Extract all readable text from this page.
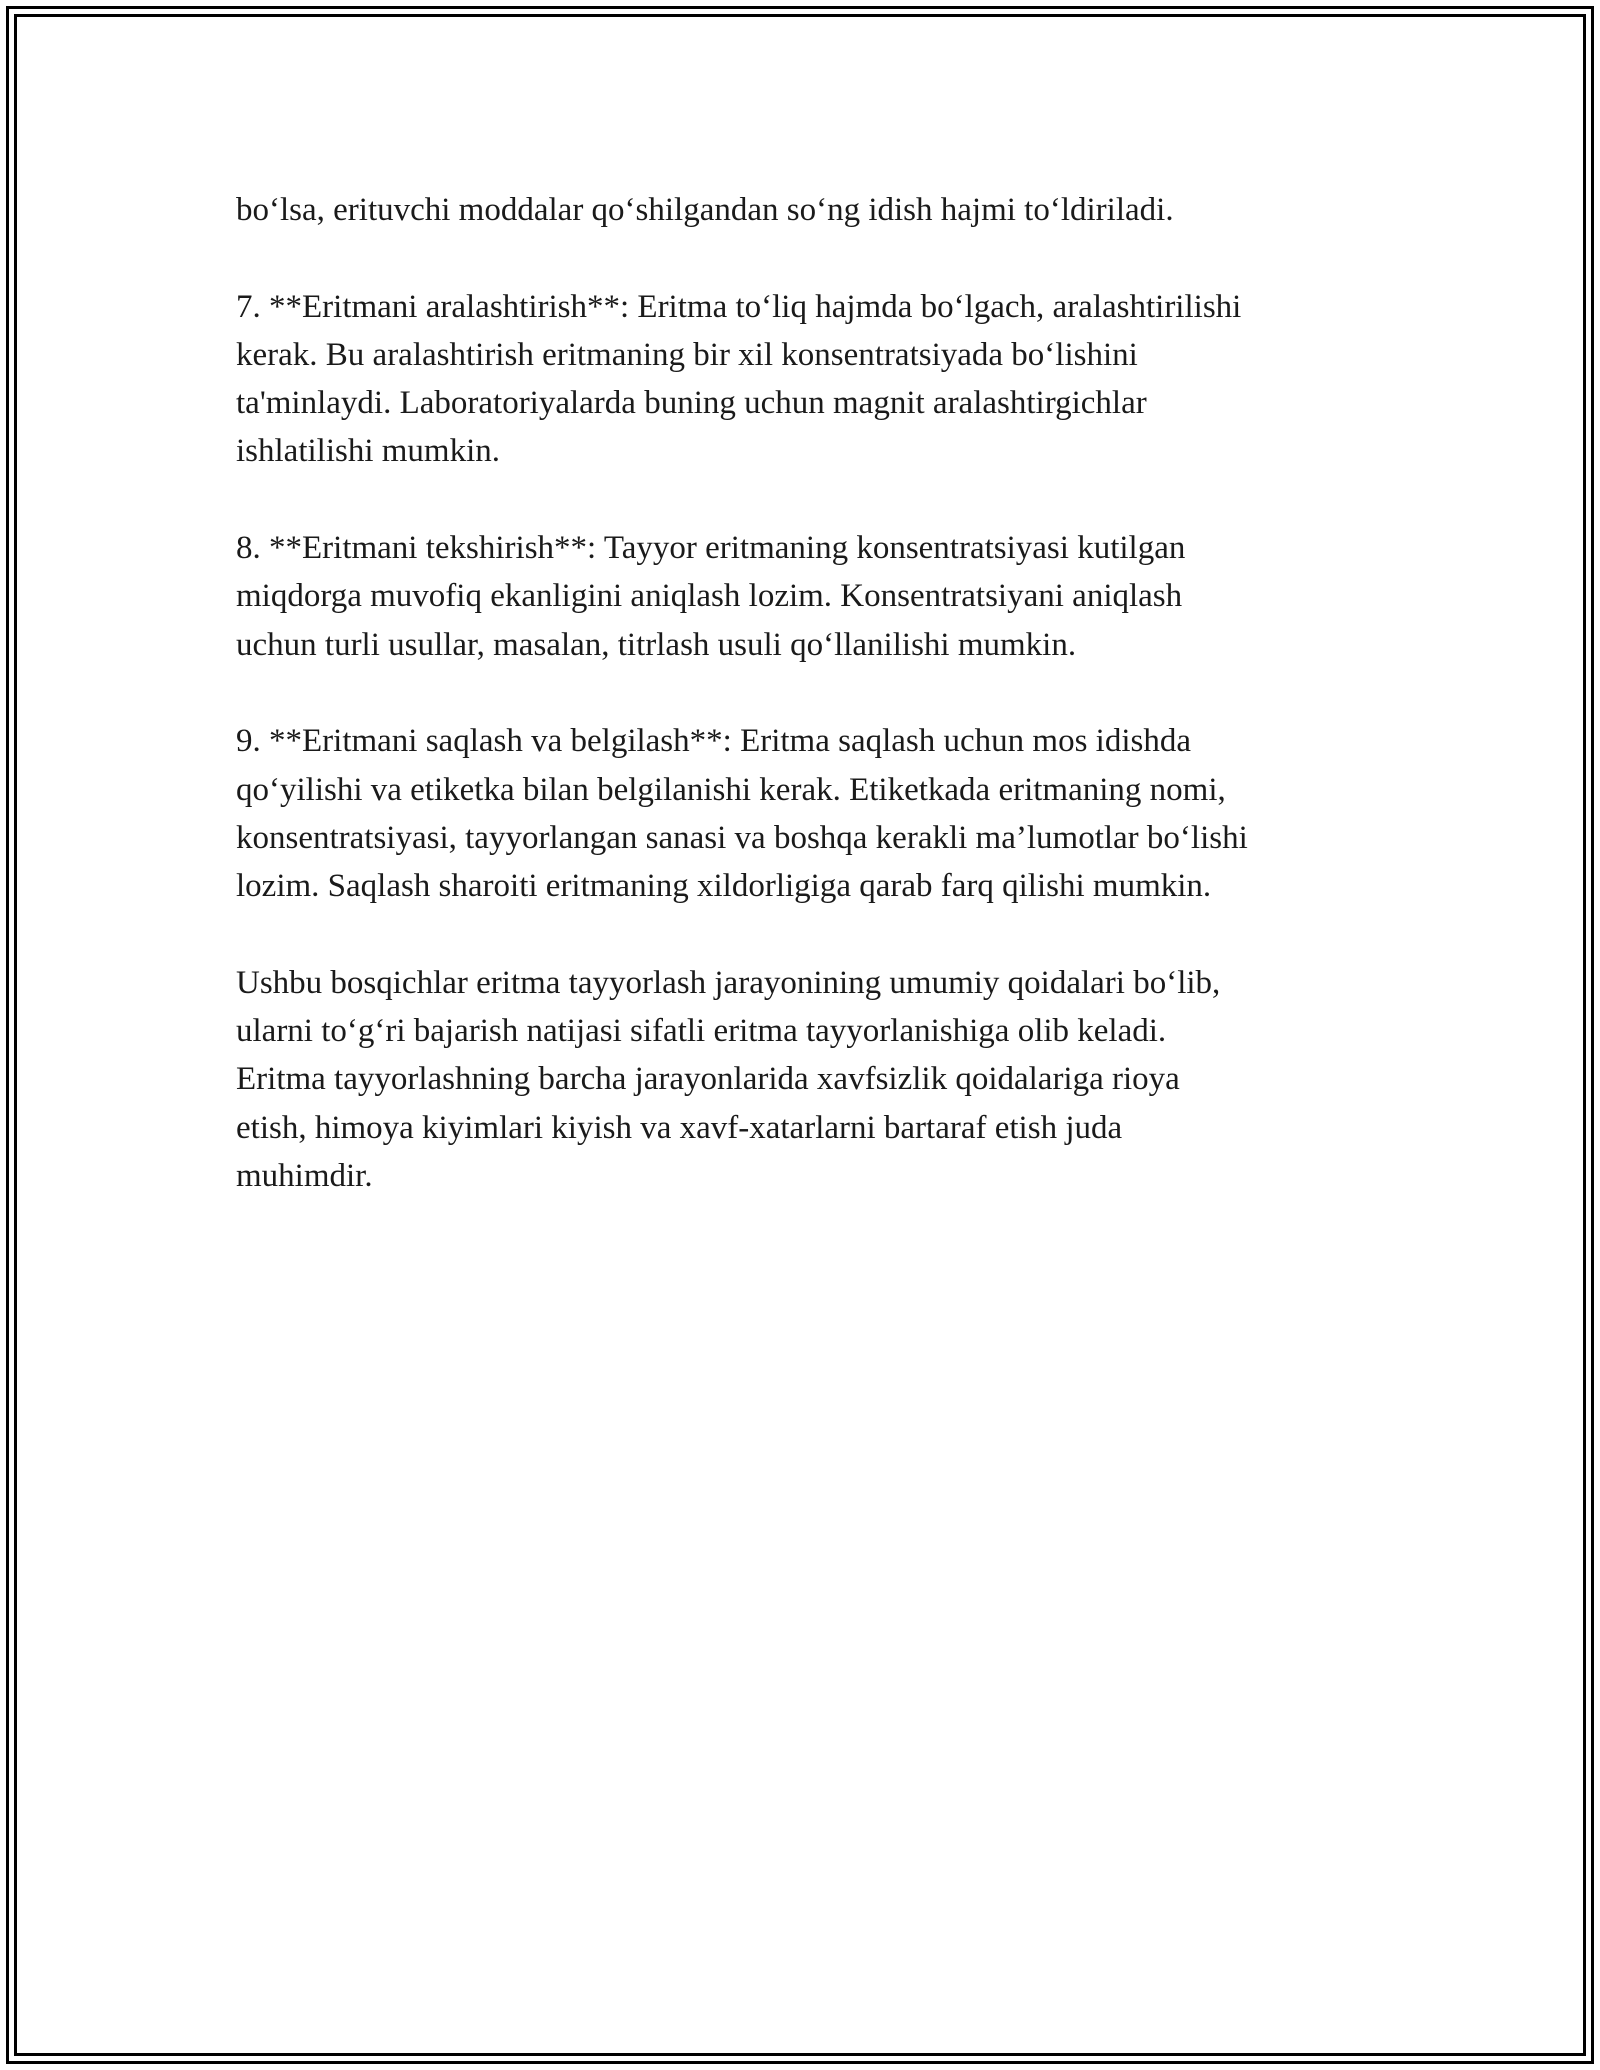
bo‘lsa, erituvchi moddalar qo‘shilgandan so‘ng idish hajmi to‘ldiriladi.

7. **Eritmani aralashtirish**: Eritma to‘liq hajmda bo‘lgach, aralashtirilishi
kerak. Bu aralashtirish eritmaning bir xil konsentratsiyada bo‘lishini
ta'minlaydi. Laboratoriyalarda buning uchun magnit aralashtirgichlar
ishlatilishi mumkin.

8. **Eritmani tekshirish**: Tayyor eritmaning konsentratsiyasi kutilgan
miqdorga muvofiq ekanligini aniqlash lozim. Konsentratsiyani aniqlash
uchun turli usullar, masalan, titrlash usuli qo‘llanilishi mumkin.

9. **Eritmani saqlash va belgilash**: Eritma saqlash uchun mos idishda
qo‘yilishi va etiketka bilan belgilanishi kerak. Etiketkada eritmaning nomi,
konsentratsiyasi, tayyorlangan sanasi va boshqa kerakli ma’lumotlar bo‘lishi
lozim. Saqlash sharoiti eritmaning xildorligiga qarab farq qilishi mumkin.

Ushbu bosqichlar eritma tayyorlash jarayonining umumiy qoidalari bo‘lib,
ularni to‘g‘ri bajarish natijasi sifatli eritma tayyorlanishiga olib keladi.
Eritma tayyorlashning barcha jarayonlarida xavfsizlik qoidalariga rioya
etish, himoya kiyimlari kiyish va xavf-xatarlarni bartaraf etish juda
muhimdir.
